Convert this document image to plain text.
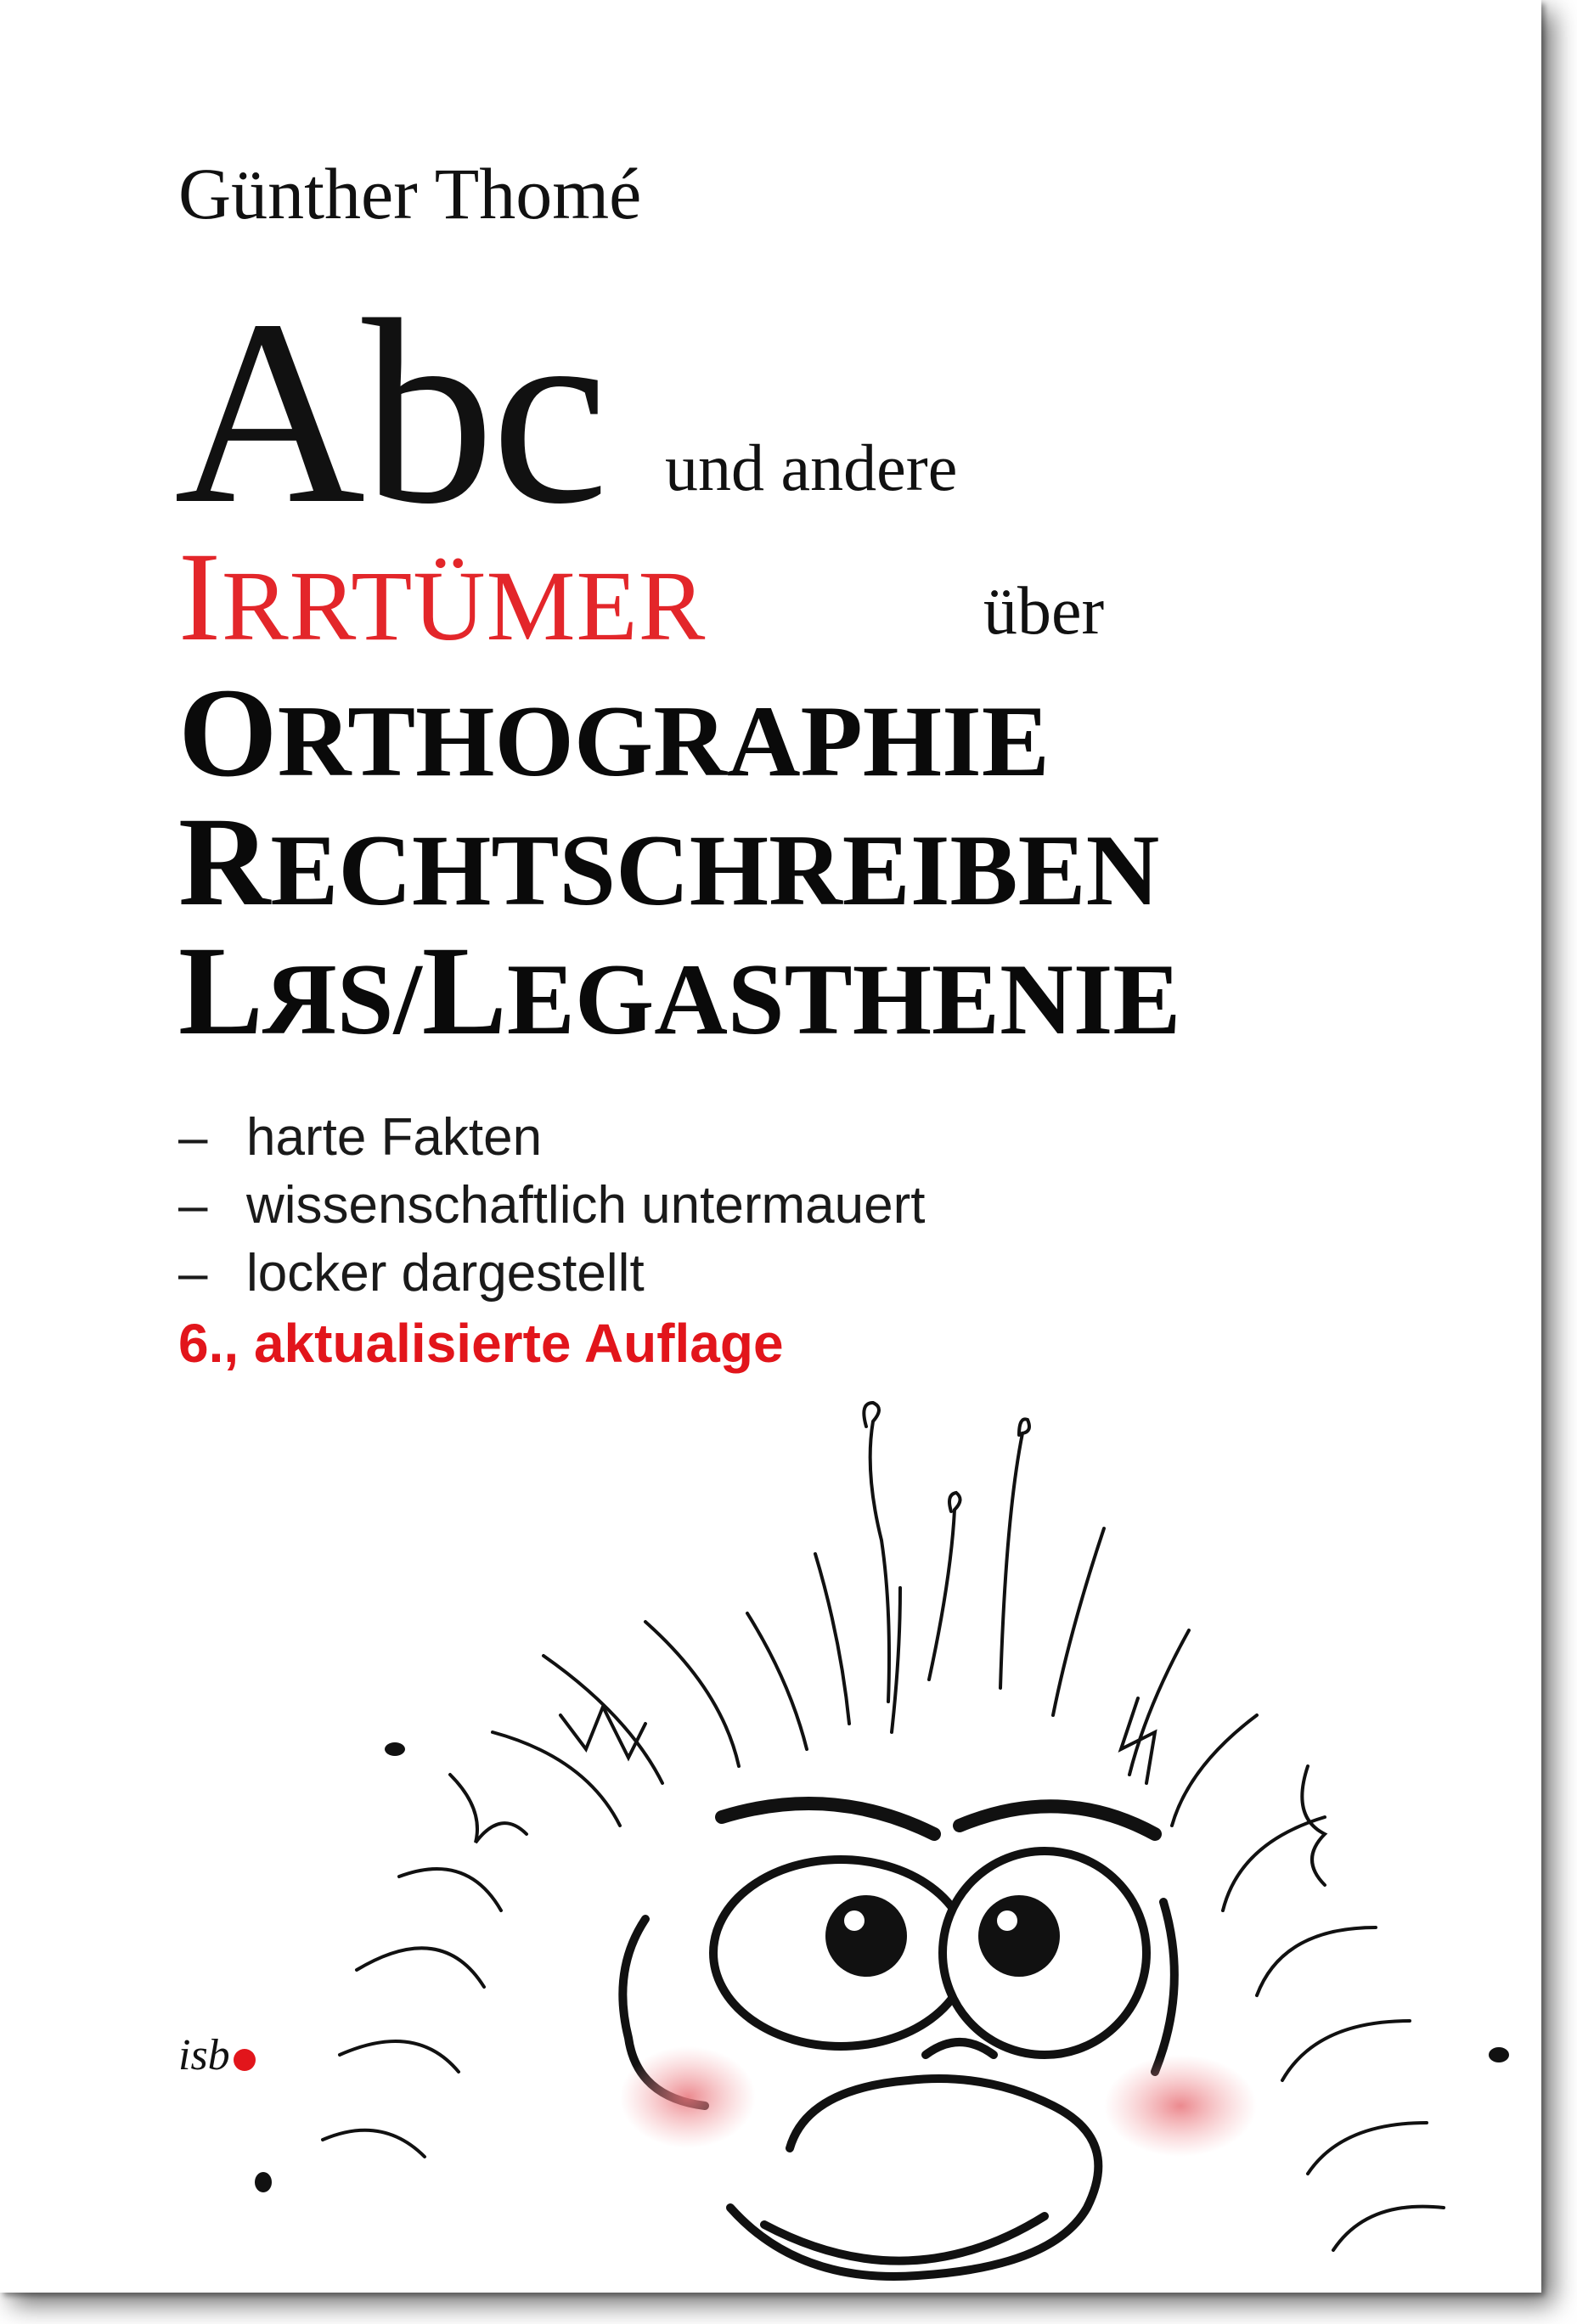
Günther Thomé
Abc und andere
IRRTÜMER	über
ORTHOGRAPHIE
RECHTSCHREIBEN
LRS/LEGASTHENIE
– harte Fakten
– wissenschaftlich untermauert
– locker dargestellt
6., aktualisierte Auflage
isb
